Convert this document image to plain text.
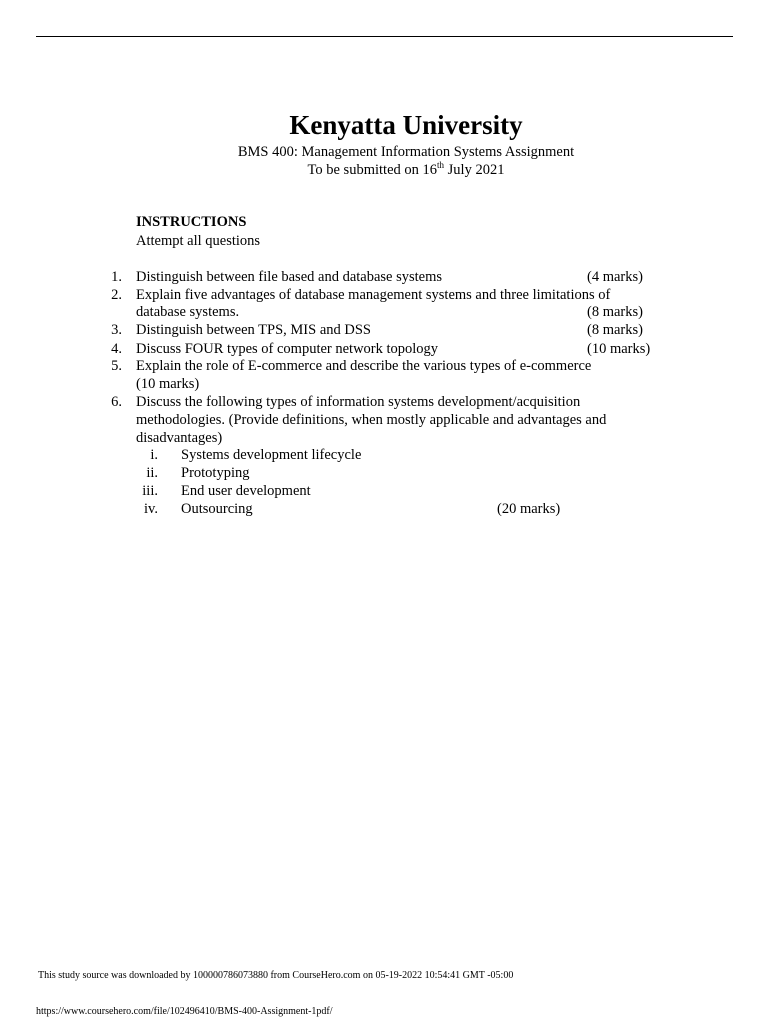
Kenyatta University
BMS 400: Management Information Systems Assignment
To be submitted on 16th July 2021
INSTRUCTIONS
Attempt all questions
1. Distinguish between file based and database systems	(4 marks)
2. Explain five advantages of database management systems and three limitations of
database systems.	(8 marks)
3. Distinguish between TPS, MIS and DSS	(8 marks)
4. Discuss FOUR types of computer network topology	(10 marks)
5. Explain the role of E-commerce and describe the various types of e-commerce
(10 marks)
6. Discuss the following types of information systems development/acquisition
methodologies. (Provide definitions, when mostly applicable and advantages and
disadvantages)
i. Systems development lifecycle
ii. Prototyping
iii. End user development
iv. Outsourcing	(20 marks)
This study source was downloaded by 100000786073880 from CourseHero.com on 05-19-2022 10:54:41 GMT -05:00
https://www.coursehero.com/file/102496410/BMS-400-Assignment-1pdf/
